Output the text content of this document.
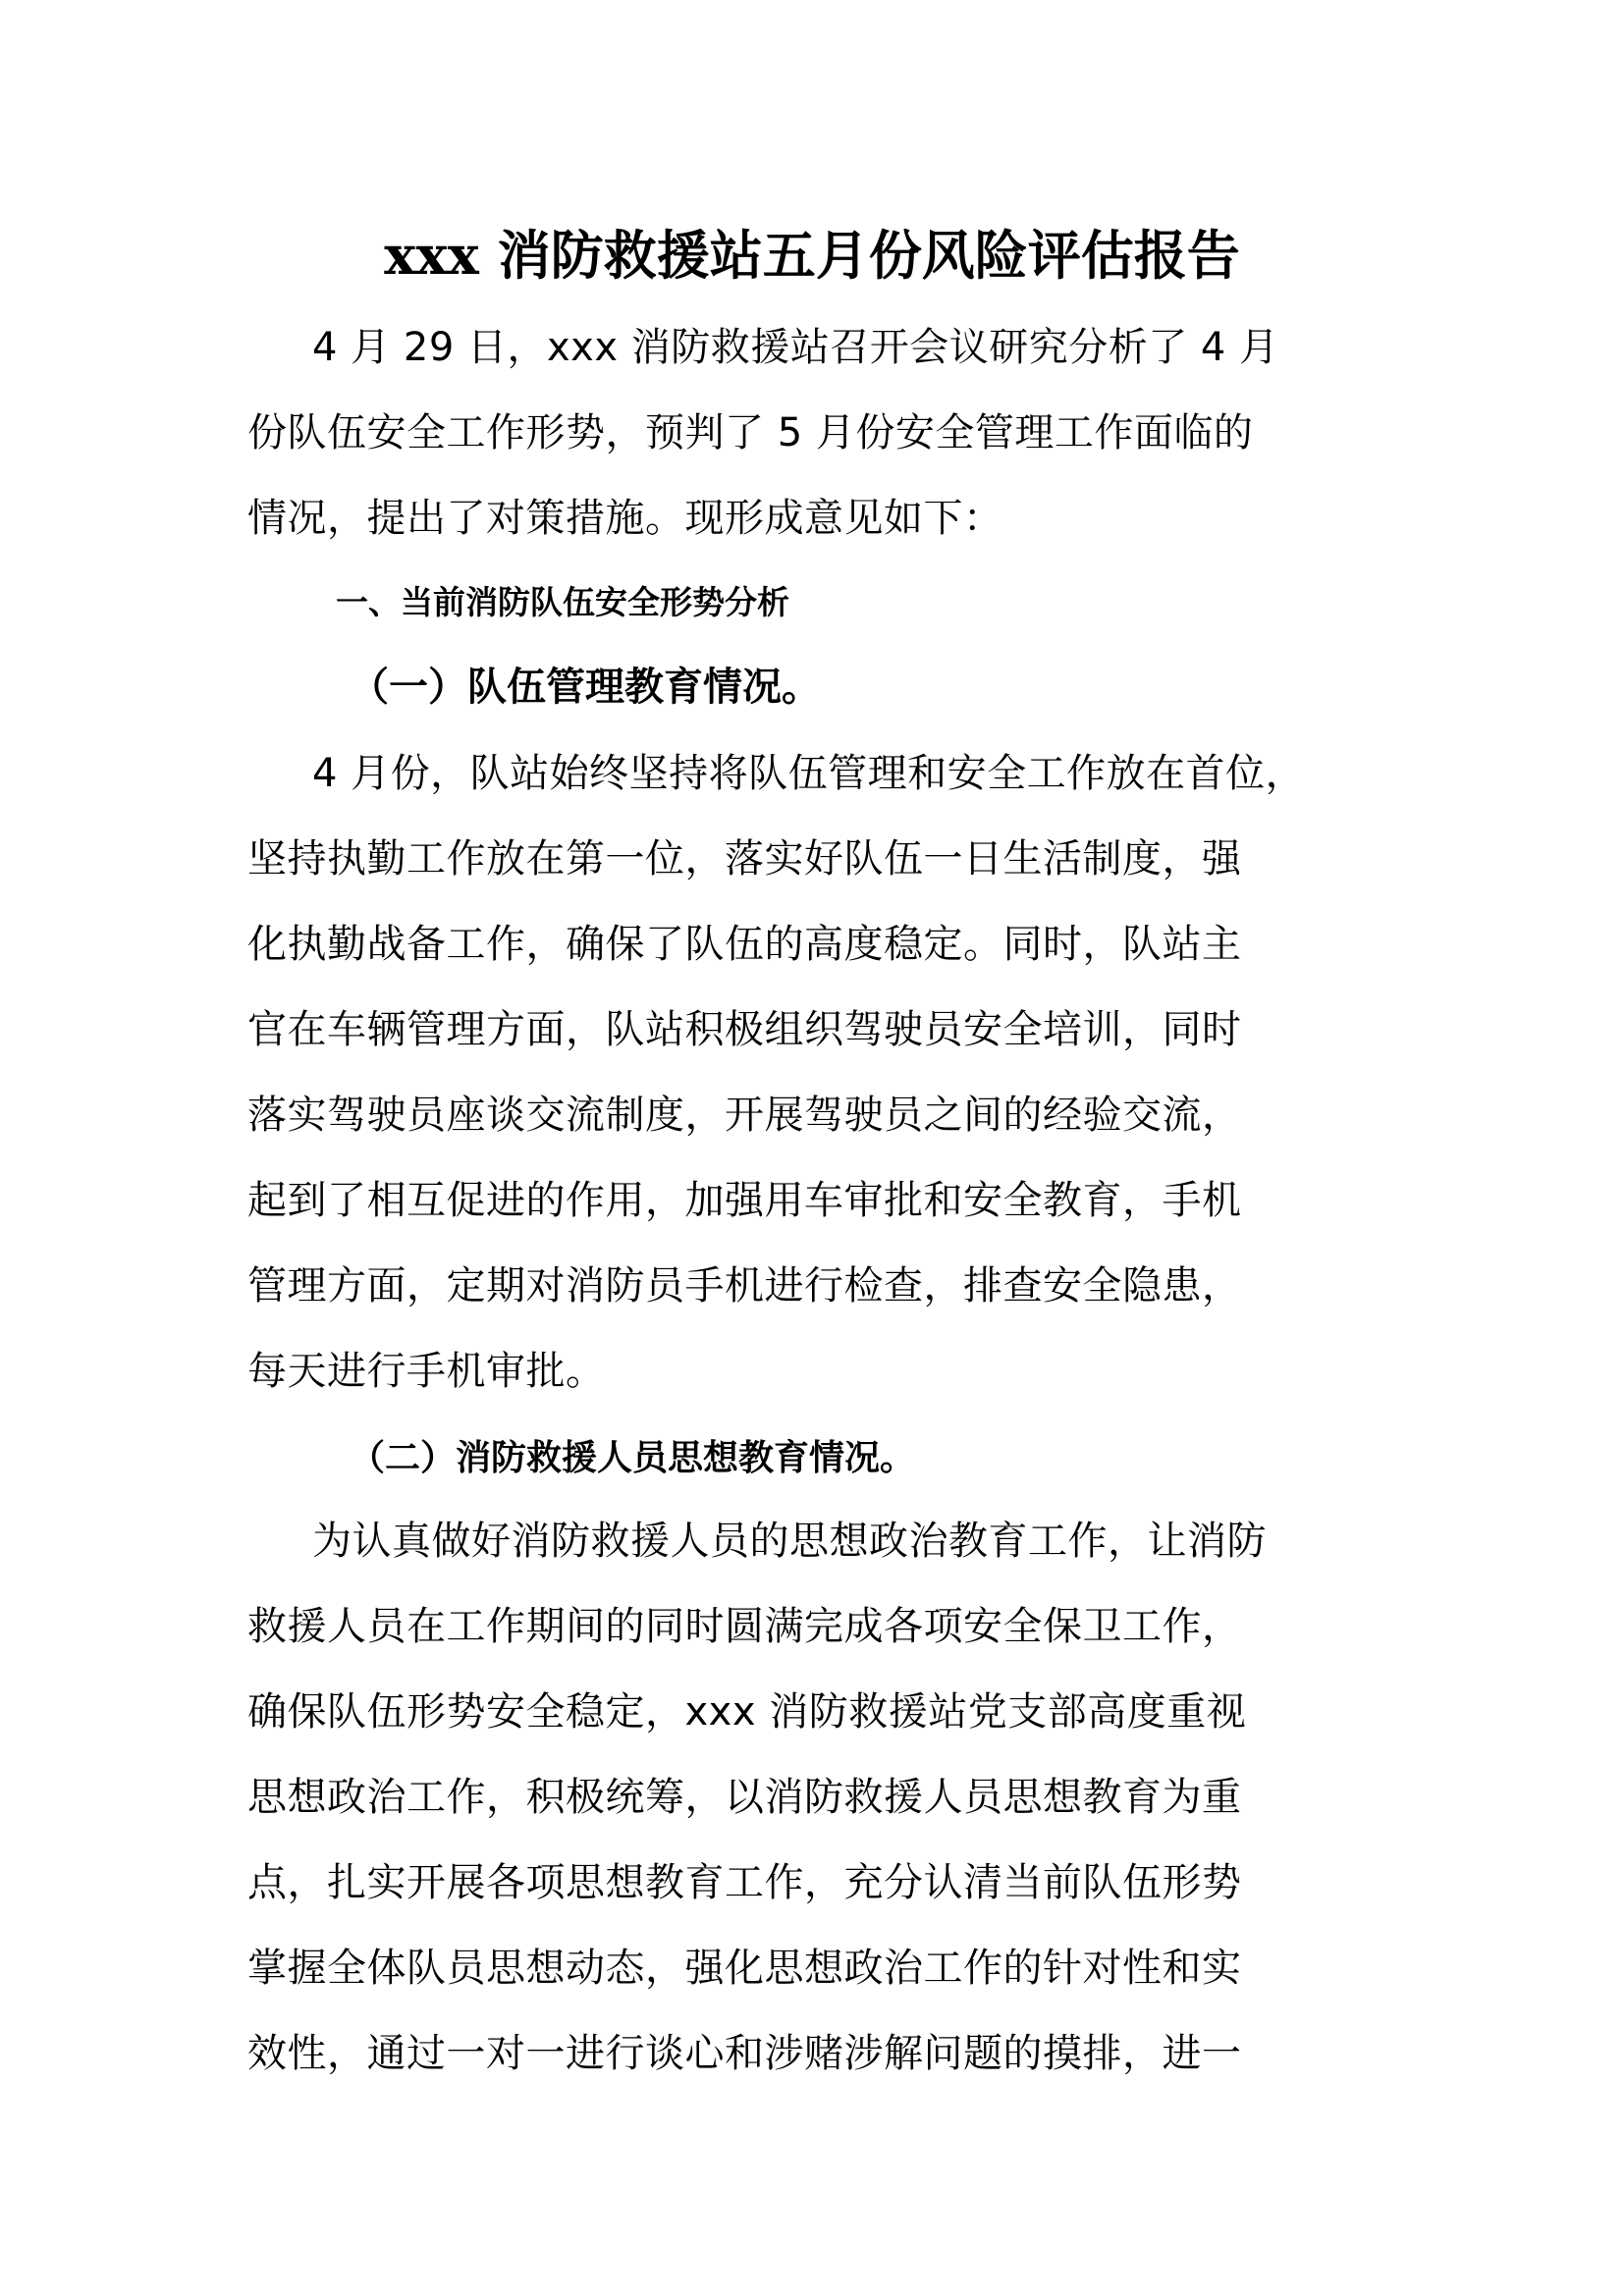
xxx 消防救援站五月份风险评估报告
4 月 29 日，xxx 消防救援站召开会议研究分析了 4 月
份队伍安全工作形势，预判了 5 月份安全管理工作面临的
情况，提出了对策措施。现形成意见如下：
一、当前消防队伍安全形势分析
（一）队伍管理教育情况。
4 月份，队站始终坚持将队伍管理和安全工作放在首位，
坚持执勤工作放在第一位，落实好队伍一日生活制度，强
化执勤战备工作，确保了队伍的高度稳定。同时，队站主
官在车辆管理方面，队站积极组织驾驶员安全培训，同时
落实驾驶员座谈交流制度，开展驾驶员之间的经验交流，
起到了相互促进的作用，加强用车审批和安全教育，手机
管理方面，定期对消防员手机进行检查，排查安全隐患，
每天进行手机审批。
（二）消防救援人员思想教育情况。
为认真做好消防救援人员的思想政治教育工作，让消防
救援人员在工作期间的同时圆满完成各项安全保卫工作，
确保队伍形势安全稳定，xxx 消防救援站党支部高度重视
思想政治工作，积极统筹，以消防救援人员思想教育为重
点，扎实开展各项思想教育工作，充分认清当前队伍形势
掌握全体队员思想动态，强化思想政治工作的针对性和实
效性，通过一对一进行谈心和涉赌涉解问题的摸排，进一
